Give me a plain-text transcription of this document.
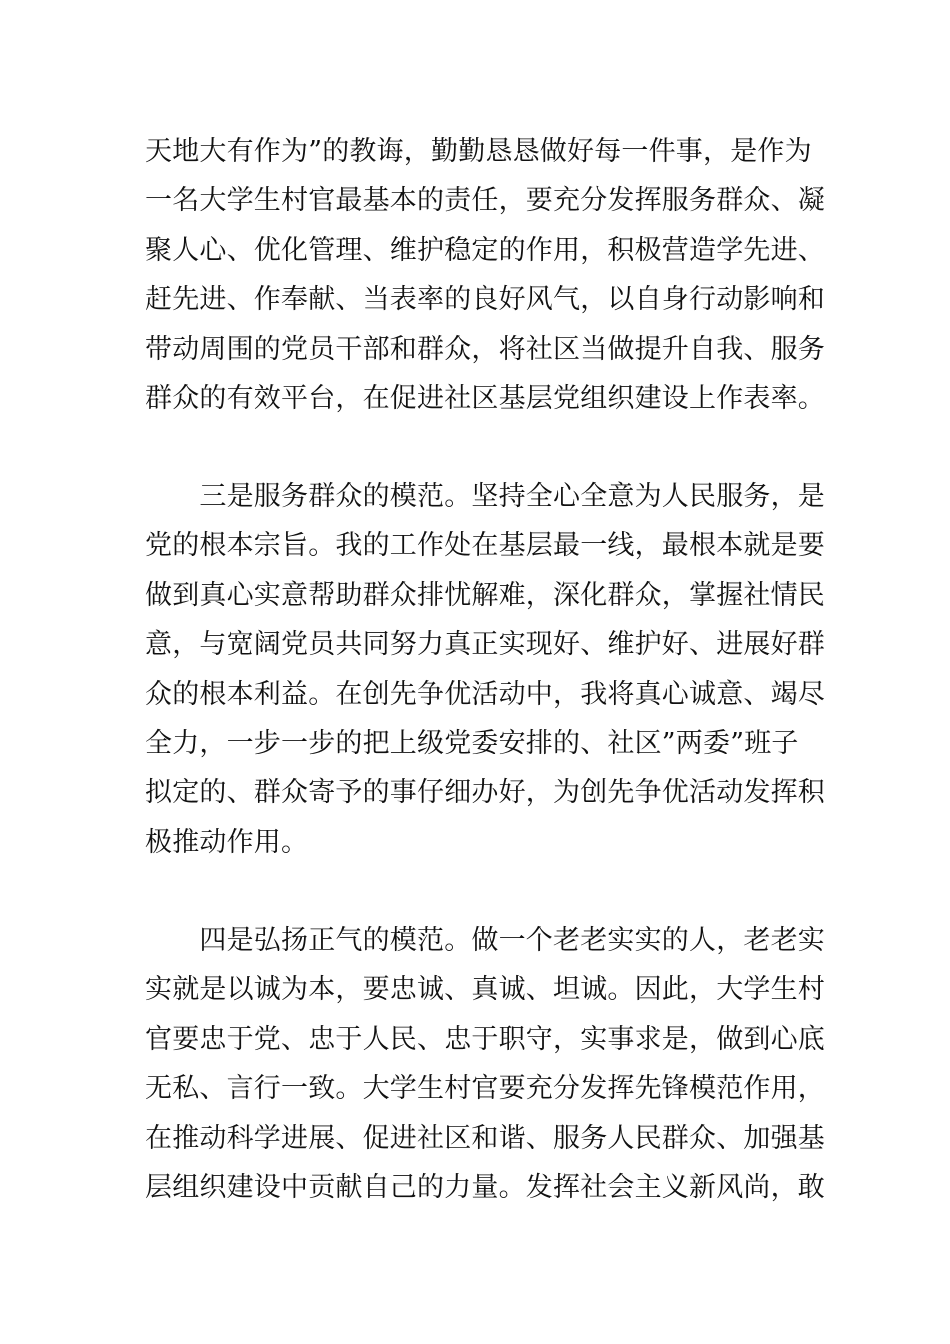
天地大有作为”的教诲，勤勤恳恳做好每一件事，是作为
一名大学生村官最基本的责任，要充分发挥服务群众、凝
聚人心、优化管理、维护稳定的作用，积极营造学先进、
赶先进、作奉献、当表率的良好风气，以自身行动影响和
带动周围的党员干部和群众，将社区当做提升自我、服务
群众的有效平台，在促进社区基层党组织建设上作表率。

　　三是服务群众的模范。坚持全心全意为人民服务，是
党的根本宗旨。我的工作处在基层最一线，最根本就是要
做到真心实意帮助群众排忧解难，深化群众，掌握社情民
意，与宽阔党员共同努力真正实现好、维护好、进展好群
众的根本利益。在创先争优活动中，我将真心诚意、竭尽
全力，一步一步的把上级党委安排的、社区”两委”班子
拟定的、群众寄予的事仔细办好，为创先争优活动发挥积
极推动作用。

　　四是弘扬正气的模范。做一个老老实实的人，老老实
实就是以诚为本，要忠诚、真诚、坦诚。因此，大学生村
官要忠于党、忠于人民、忠于职守，实事求是，做到心底
无私、言行一致。大学生村官要充分发挥先锋模范作用，
在推动科学进展、促进社区和谐、服务人民群众、加强基
层组织建设中贡献自己的力量。发挥社会主义新风尚，敢
